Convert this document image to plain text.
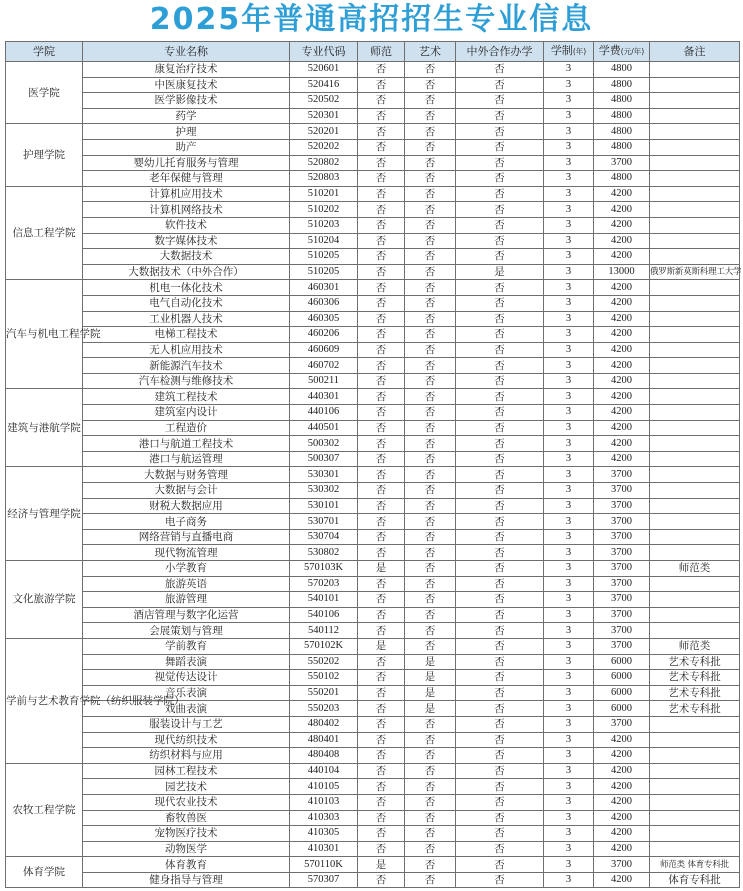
2025年普通高招招生专业信息
学院	专业名称	专业代码	师范	艺术	中外合作办学	学制(年)	学费(元/年)	备注
医学院	康复治疗技术	520601	否	否	否	3	4800	
	中医康复技术	520416	否	否	否	3	4800	
	医学影像技术	520502	否	否	否	3	4800	
	药学	520301	否	否	否	3	4800	
护理学院	护理	520201	否	否	否	3	4800	
	助产	520202	否	否	否	3	4800	
	婴幼儿托育服务与管理	520802	否	否	否	3	3700	
	老年保健与管理	520803	否	否	否	3	4800	
信息工程学院	计算机应用技术	510201	否	否	否	3	4200	
	计算机网络技术	510202	否	否	否	3	4200	
	软件技术	510203	否	否	否	3	4200	
	数字媒体技术	510204	否	否	否	3	4200	
	大数据技术	510205	否	否	否	3	4200	
	大数据技术（中外合作）	510205	否	否	是	3	13000	俄罗斯新莫斯科理工大学
汽车与机电工程学院	机电一体化技术	460301	否	否	否	3	4200	
	电气自动化技术	460306	否	否	否	3	4200	
	工业机器人技术	460305	否	否	否	3	4200	
	电梯工程技术	460206	否	否	否	3	4200	
	无人机应用技术	460609	否	否	否	3	4200	
	新能源汽车技术	460702	否	否	否	3	4200	
	汽车检测与维修技术	500211	否	否	否	3	4200	
建筑与港航学院	建筑工程技术	440301	否	否	否	3	4200	
	建筑室内设计	440106	否	否	否	3	4200	
	工程造价	440501	否	否	否	3	4200	
	港口与航道工程技术	500302	否	否	否	3	4200	
	港口与航运管理	500307	否	否	否	3	4200	
经济与管理学院	大数据与财务管理	530301	否	否	否	3	3700	
	大数据与会计	530302	否	否	否	3	3700	
	财税大数据应用	530101	否	否	否	3	3700	
	电子商务	530701	否	否	否	3	3700	
	网络营销与直播电商	530704	否	否	否	3	3700	
	现代物流管理	530802	否	否	否	3	3700	
文化旅游学院	小学教育	570103K	是	否	否	3	3700	师范类
	旅游英语	570203	否	否	否	3	3700	
	旅游管理	540101	否	否	否	3	3700	
	酒店管理与数字化运营	540106	否	否	否	3	3700	
	会展策划与管理	540112	否	否	否	3	3700	
学前与艺术教育学院（纺织服装学院）	学前教育	570102K	是	否	否	3	3700	师范类
	舞蹈表演	550202	否	是	否	3	6000	艺术专科批
	视觉传达设计	550102	否	是	否	3	6000	艺术专科批
	音乐表演	550201	否	是	否	3	6000	艺术专科批
	戏曲表演	550203	否	是	否	3	6000	艺术专科批
	服装设计与工艺	480402	否	否	否	3	3700	
	现代纺织技术	480401	否	否	否	3	4200	
	纺织材料与应用	480408	否	否	否	3	4200	
农牧工程学院	园林工程技术	440104	否	否	否	3	4200	
	园艺技术	410105	否	否	否	3	4200	
	现代农业技术	410103	否	否	否	3	4200	
	畜牧兽医	410303	否	否	否	3	4200	
	宠物医疗技术	410305	否	否	否	3	4200	
	动物医学	410301	否	否	否	3	4200	
体育学院	体育教育	570110K	是	否	否	3	3700	师范类 体育专科批
	健身指导与管理	570307	否	否	否	3	4200	体育专科批
